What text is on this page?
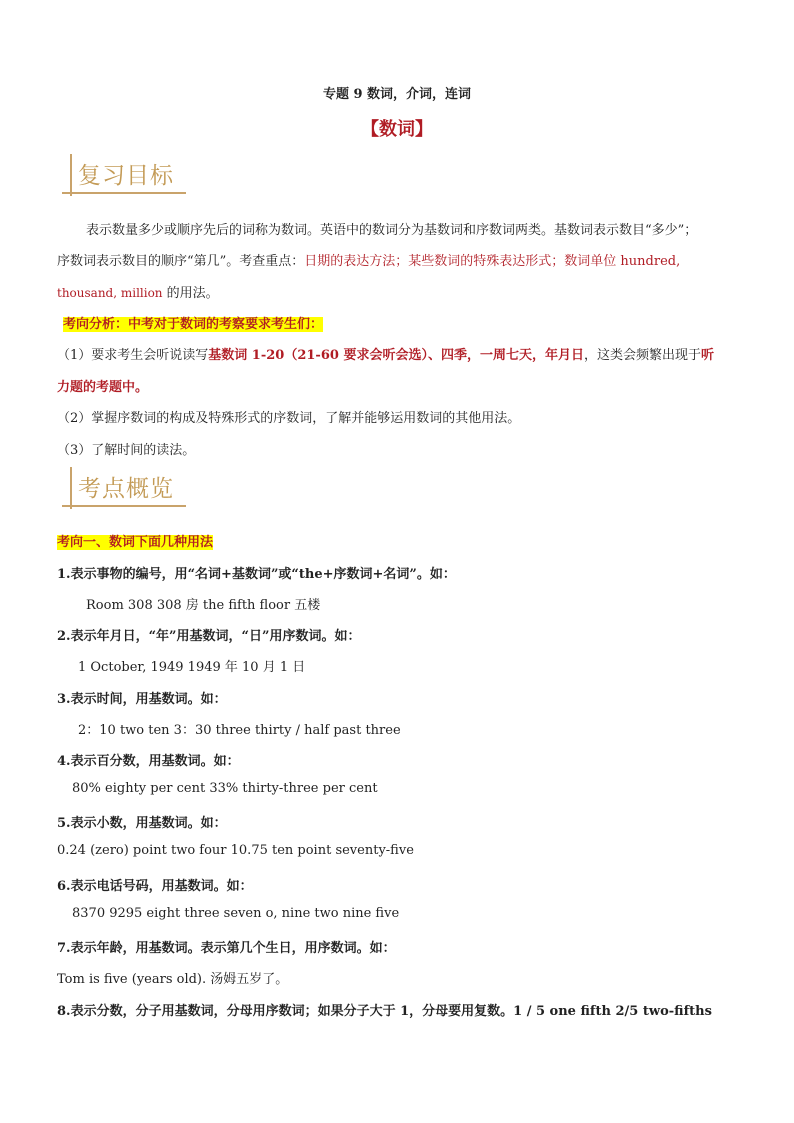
专题 9 数词，介词，连词
【数词】
复习目标
表示数量多少或顺序先后的词称为数词。英语中的数词分为基数词和序数词两类。基数词表示数目“多少”；
序数词表示数目的顺序“第几”。考查重点：日期的表达方法；某些数词的特殊表达形式；数词单位 hundred,
thousand, million 的用法。
考向分析：中考对于数词的考察要求考生们：
（1）要求考生会听说读写基数词 1-20（21-60 要求会听会选）、四季，一周七天，年月日，这类会频繁出现于听
力题的考题中。
（2）掌握序数词的构成及特殊形式的序数词，了解并能够运用数词的其他用法。
（3）了解时间的读法。
考点概览
考向一、数词下面几种用法
1.表示事物的编号，用“名词+基数词”或“the+序数词+名词”。如：
Room 308 308 房 the fifth floor 五楼
2.表示年月日，“年”用基数词，“日”用序数词。如：
1 October, 1949 1949 年 10 月 1 日
3.表示时间，用基数词。如：
2：10 two ten 3：30 three thirty / half past three
4.表示百分数，用基数词。如：
80% eighty per cent 33% thirty-three per cent
5.表示小数，用基数词。如：
0.24 (zero) point two four 10.75 ten point seventy-five
6.表示电话号码，用基数词。如：
8370 9295 eight three seven o, nine two nine five
7.表示年龄，用基数词。表示第几个生日，用序数词。如：
Tom is five (years old). 汤姆五岁了。
8.表示分数，分子用基数词，分母用序数词；如果分子大于 1，分母要用复数。1 / 5 one fifth 2/5 two-fifths
